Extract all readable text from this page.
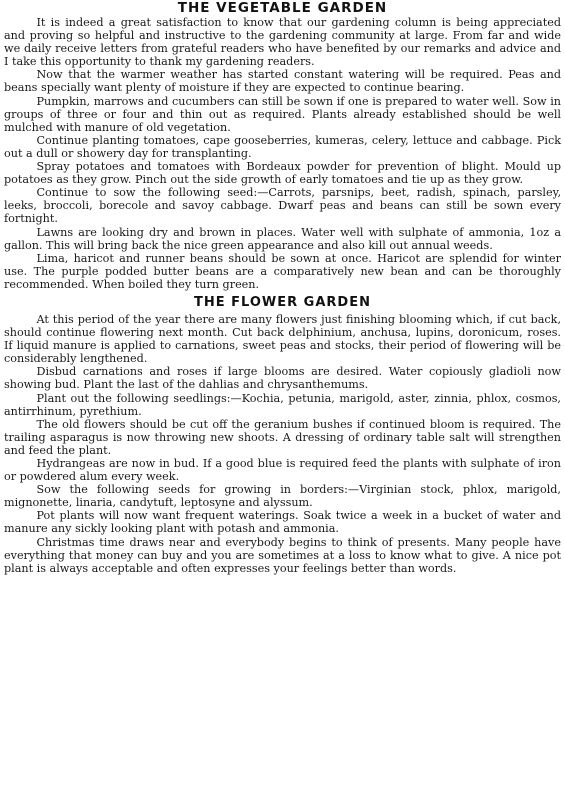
THE VEGETABLE GARDEN

It is indeed a great satisfaction to know that our gardening column is being appreciated and proving so helpful and instructive to the gardening community at large. From far and wide we daily receive letters from grateful readers who have benefited by our remarks and advice and I take this opportunity to thank my gardening readers.

Now that the warmer weather has started constant watering will be required. Peas and beans specially want plenty of moisture if they are expected to continue bearing.

Pumpkin, marrows and cucumbers can still be sown if one is prepared to water well. Sow in groups of three or four and thin out as required. Plants already established should be well mulched with manure of old vegetation.

Continue planting tomatoes, cape gooseberries, kumeras, celery, lettuce and cabbage. Pick out a dull or showery day for transplanting.

Spray potatoes and tomatoes with Bordeaux powder for prevention of blight. Mould up potatoes as they grow. Pinch out the side growth of early tomatoes and tie up as they grow.

Continue to sow the following seed:—Carrots, parsnips, beet, radish, spinach, parsley, leeks, broccoli, borecole and savoy cabbage. Dwarf peas and beans can still be sown every fortnight.

Lawns are looking dry and brown in places. Water well with sulphate of ammonia, 1oz a gallon. This will bring back the nice green appearance and also kill out annual weeds.

Lima, haricot and runner beans should be sown at once. Haricot are splendid for winter use. The purple podded butter beans are a comparatively new bean and can be thoroughly recommended. When boiled they turn green.

THE FLOWER GARDEN

At this period of the year there are many flowers just finishing blooming which, if cut back, should continue flowering next month. Cut back delphinium, anchusa, lupins, doronicum, roses. If liquid manure is applied to carnations, sweet peas and stocks, their period of flowering will be considerably lengthened.

Disbud carnations and roses if large blooms are desired. Water copiously gladioli now showing bud. Plant the last of the dahlias and chrysanthemums.

Plant out the following seedlings:—Kochia, petunia, marigold, aster, zinnia, phlox, cosmos, antirrhinum, pyrethium.

The old flowers should be cut off the geranium bushes if continued bloom is required. The trailing asparagus is now throwing new shoots. A dressing of ordinary table salt will strengthen and feed the plant.

Hydrangeas are now in bud. If a good blue is required feed the plants with sulphate of iron or powdered alum every week.

Sow the following seeds for growing in borders:—Virginian stock, phlox, marigold, mignonette, linaria, candytuft, leptosyne and alyssum.

Pot plants will now want frequent waterings. Soak twice a week in a bucket of water and manure any sickly looking plant with potash and ammonia.

Christmas time draws near and everybody begins to think of presents. Many people have everything that money can buy and you are sometimes at a loss to know what to give. A nice pot plant is always acceptable and often expresses your feelings better than words.
